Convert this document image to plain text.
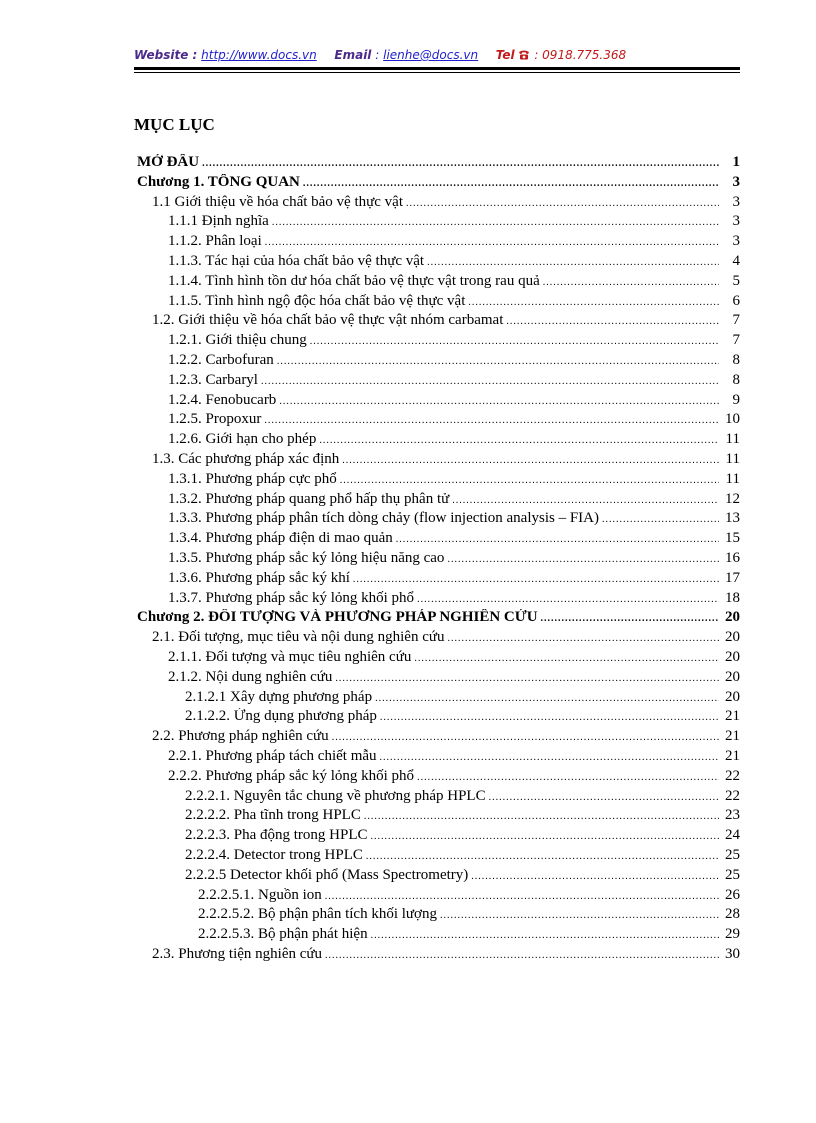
Website : http://www.docs.vn Email : lienhe@docs.vn Tel : 0918.775.368
MỤC LỤC
MỞ ĐẦU .....	1
Chương 1. TỔNG QUAN .....	3
1.1 Giới thiệu về hóa chất bảo vệ thực vật .....	3
1.1.1 Định nghĩa .....	3
1.1.2. Phân loại .....	3
1.1.3. Tác hại của hóa chất bảo vệ thực vật .....	4
1.1.4. Tình hình tồn dư hóa chất bảo vệ thực vật trong rau quả .....	5
1.1.5. Tình hình ngộ độc hóa chất bảo vệ thực vật .....	6
1.2. Giới thiệu về hóa chất bảo vệ thực vật nhóm carbamat .....	7
1.2.1. Giới thiệu chung .....	7
1.2.2. Carbofuran .....	8
1.2.3. Carbaryl .....	8
1.2.4. Fenobucarb .....	9
1.2.5. Propoxur .....	10
1.2.6. Giới hạn cho phép .....	11
1.3. Các phương pháp xác định .....	11
1.3.1. Phương pháp cực phổ .....	11
1.3.2. Phương pháp quang phổ hấp thụ phân tử .....	12
1.3.3. Phương pháp phân tích dòng chảy (flow injection analysis – FIA) .....	13
1.3.4. Phương pháp điện di mao quản .....	15
1.3.5. Phương pháp sắc ký lỏng hiệu năng cao .....	16
1.3.6. Phương pháp sắc ký khí .....	17
1.3.7. Phương pháp sắc ký lỏng khối phổ .....	18
Chương 2. ĐỐI TƯỢNG VÀ PHƯƠNG PHÁP NGHIÊN CỨU .....	20
2.1. Đối tượng, mục tiêu và nội dung nghiên cứu .....	20
2.1.1. Đối tượng và mục tiêu nghiên cứu .....	20
2.1.2. Nội dung nghiên cứu .....	20
2.1.2.1 Xây dựng phương pháp .....	20
2.1.2.2. Ứng dụng phương pháp .....	21
2.2. Phương pháp nghiên cứu .....	21
2.2.1. Phương pháp tách chiết mẫu .....	21
2.2.2. Phương pháp sắc ký lỏng khối phổ .....	22
2.2.2.1. Nguyên tắc chung về phương pháp HPLC .....	22
2.2.2.2. Pha tĩnh trong HPLC .....	23
2.2.2.3. Pha động trong HPLC .....	24
2.2.2.4. Detector trong HPLC .....	25
2.2.2.5 Detector khối phổ (Mass Spectrometry) .....	25
2.2.2.5.1. Nguồn ion .....	26
2.2.2.5.2. Bộ phận phân tích khối lượng .....	28
2.2.2.5.3. Bộ phận phát hiện .....	29
2.3. Phương tiện nghiên cứu .....	30
